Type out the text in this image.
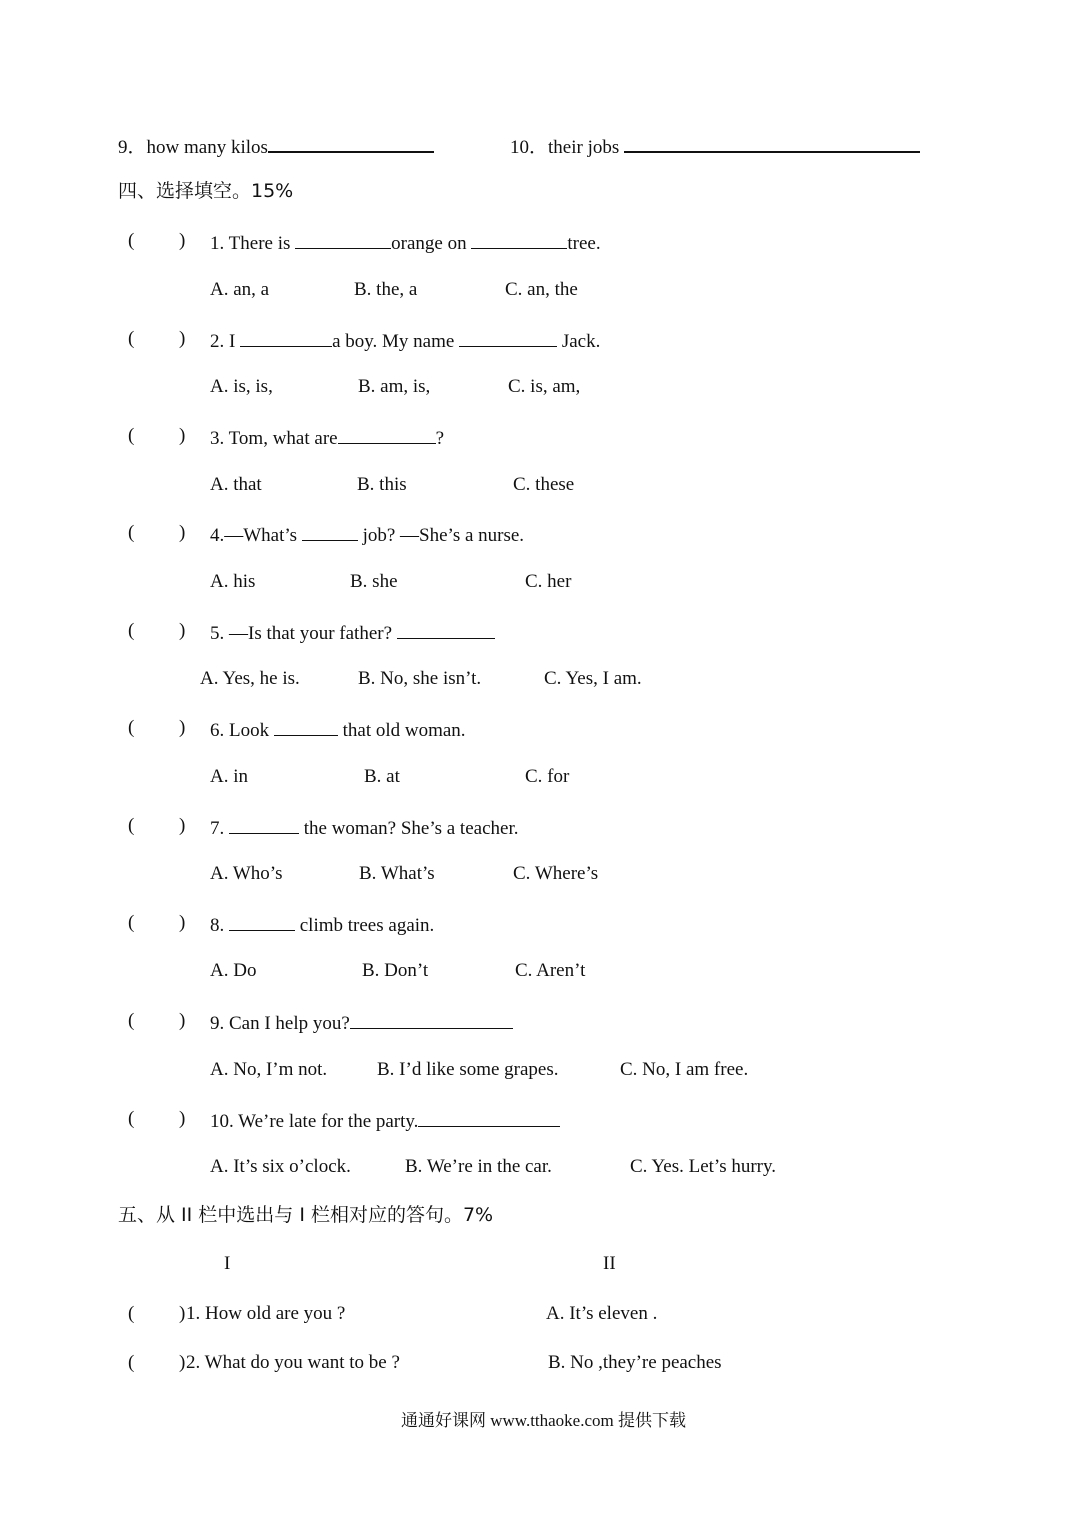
9．how many kilos	10．their jobs
四、选择填空。15%
(
) 1. There is	orange on	tree.
A. an, a	B. the, a	C. an, the
(
) 2. I	a boy. My name	Jack.
A. is, is,	B. am, is,	C. is, am,
(
) 3. Tom, what are	?
A. that	B. this	C. these
(
) 4.—What’s	job? —She’s a nurse.
A. his	B. she	C. her
(
) 5. —Is that your father?
A. Yes, he is.	B. No, she isn’t.	C. Yes, I am.
(
) 6. Look	that old woman.
A. in	B. at	C. for
(
) 7.	the woman? She’s a teacher.
A. Who’s	B. What’s	C. Where’s
(
) 8.	climb trees again.
A. Do	B. Don’t	C. Aren’t
(
) 9. Can I help you?
A. No, I’m not.	B. I’d like some grapes.	C. No, I am free.
(
) 10. We’re late for the party.
A. It’s six o’clock.	B. We’re in the car.	C. Yes. Let’s hurry.
五、从 II 栏中选出与 I 栏相对应的答句。7%
I	II
(
) 1. How old are you ?	A. It’s eleven .
(
) 2. What do you want to be ?	B. No ,they’re peaches
通通好课网 www.tthaoke.com 提供下载
